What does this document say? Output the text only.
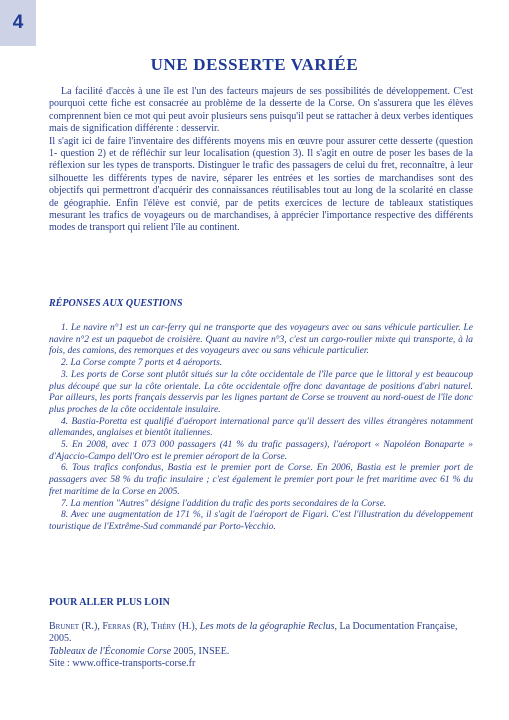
4
UNE DESSERTE VARIÉE

La facilité d'accès à une île est l'un des facteurs majeurs de ses possibilités de développement. C'est pourquoi cette fiche est consacrée au problème de la desserte de la Corse. On s'assurera que les élèves comprennent bien ce mot qui peut avoir plusieurs sens puisqu'il peut se rattacher à deux verbes identiques mais de signification différente : desservir.

Il s'agit ici de faire l'inventaire des différents moyens mis en œuvre pour assurer cette desserte (question 1- question 2) et de réfléchir sur leur localisation (question 3). Il s'agit en outre de poser les bases de la réflexion sur les types de transports. Distinguer le trafic des passagers de celui du fret, reconnaître, à leur silhouette les différents types de navire, séparer les entrées et les sorties de marchandises sont des objectifs qui permettront d'acquérir des connaissances réutilisables tout au long de la scolarité en classe de géographie. Enfin l'élève est convié, par de petits exercices de lecture de tableaux statistiques mesurant les trafics de voyageurs ou de marchandises, à apprécier l'importance respective des différents modes de transport qui relient l'île au continent.

RÉPONSES AUX QUESTIONS

1. Le navire n°1 est un car-ferry qui ne transporte que des voyageurs avec ou sans véhicule particulier. Le navire n°2 est un paquebot de croisière. Quant au navire n°3, c'est un cargo-roulier mixte qui transporte, à la fois, des camions, des remorques et des voyageurs avec ou sans véhicule particulier.

2. La Corse compte 7 ports et 4 aéroports.

3. Les ports de Corse sont plutôt situés sur la côte occidentale de l'île parce que le littoral y est beaucoup plus découpé que sur la côte orientale. La côte occidentale offre donc davantage de positions d'abri naturel. Par ailleurs, les ports français desservis par les lignes partant de Corse se trouvent au nord-ouest de l'île donc plus proches de la côte occidentale insulaire.

4. Bastia-Poretta est qualifié d'aéroport international parce qu'il dessert des villes étrangères notamment allemandes, anglaises et bientôt italiennes.

5. En 2008, avec 1 073 000 passagers (41 % du trafic passagers), l'aéroport « Napoléon Bonaparte » d'Ajaccio-Campo dell'Oro est le premier aéroport de la Corse.

6. Tous trafics confondus, Bastia est le premier port de Corse. En 2006, Bastia est le premier port de passagers avec 58 % du trafic insulaire ; c'est également le premier port pour le fret maritime avec 61 % du fret maritime de la Corse en 2005.

7. La mention "Autres" désigne l'addition du trafic des ports secondaires de la Corse.

8. Avec une augmentation de 171 %, il s'agit de l'aéroport de Figari. C'est l'illustration du développement touristique de l'Extrême-Sud commandé par Porto-Vecchio.

POUR ALLER PLUS LOIN

Brunet (R.), Ferras (R), Théry (H.), Les mots de la géographie Reclus, La Documentation Française, 2005.

Tableaux de l'Économie Corse 2005, INSEE.

Site : www.office-transports-corse.fr
